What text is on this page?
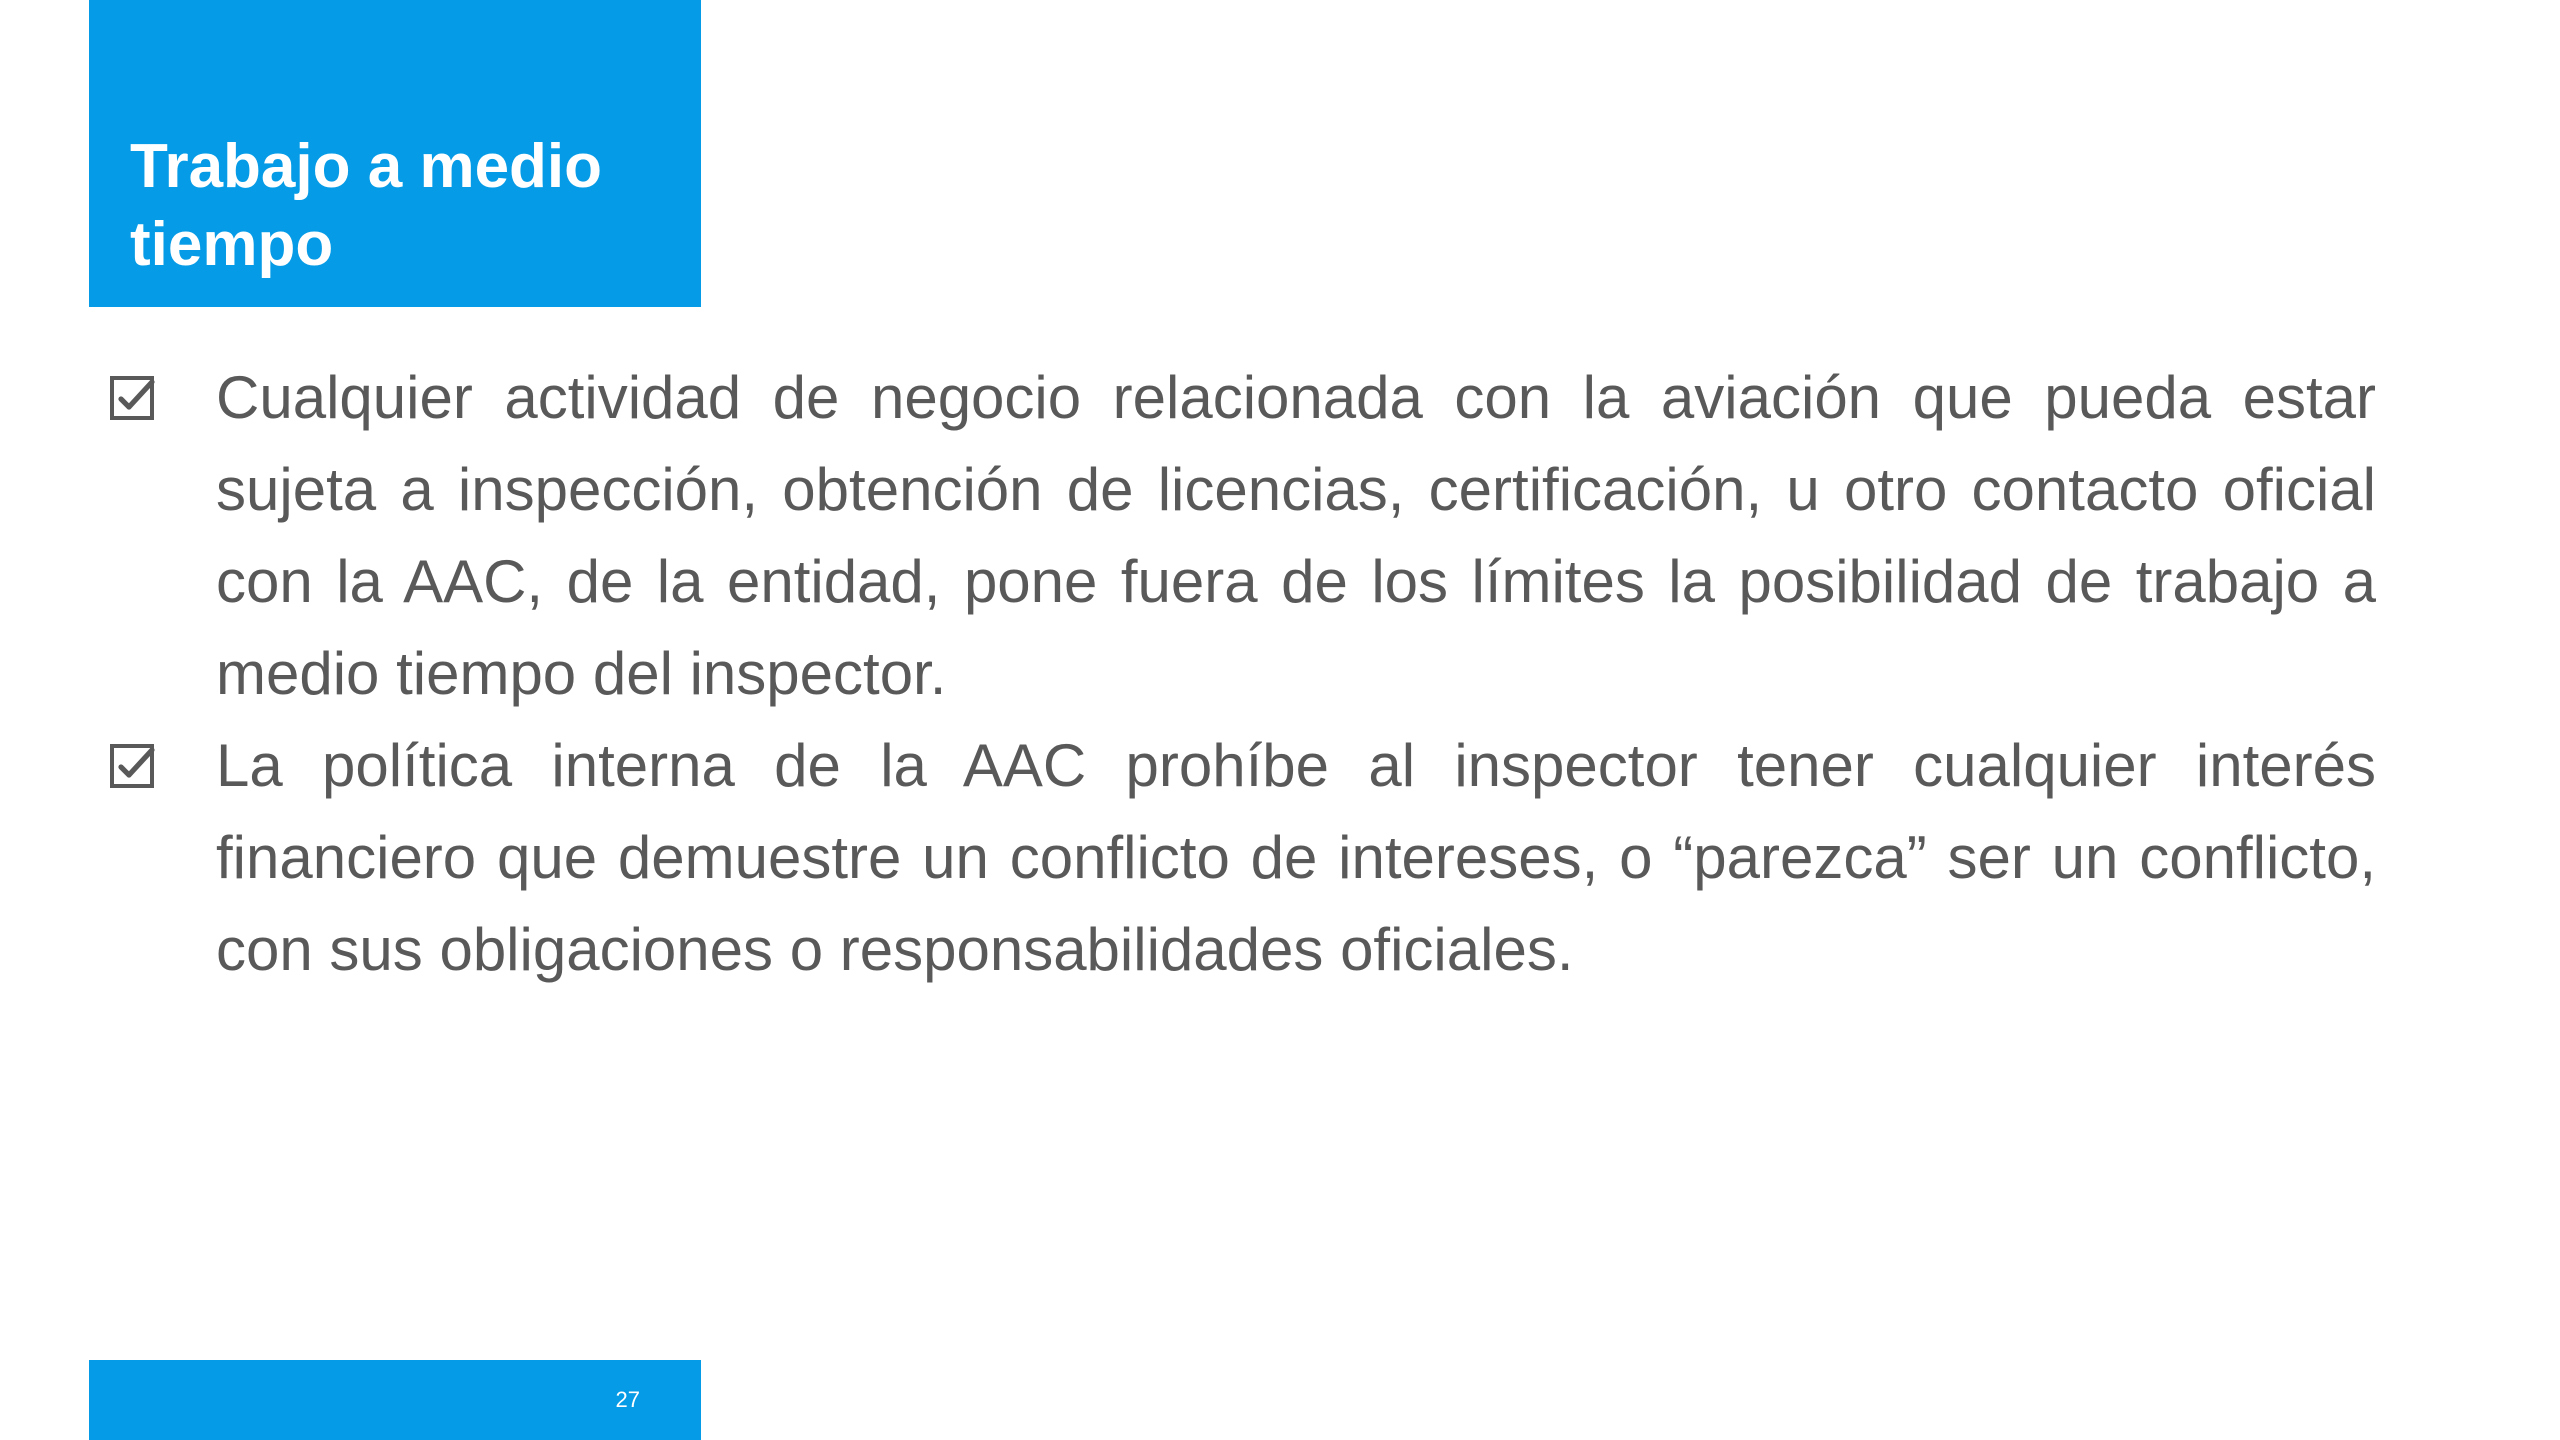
Trabajo a medio tiempo
Cualquier actividad de negocio relacionada con la aviación que pueda estar sujeta a inspección, obtención de licencias, certificación, u otro contacto oficial con la AAC, de la entidad, pone fuera de los límites la posibilidad de trabajo a medio tiempo del inspector.
La política interna de la AAC prohíbe al inspector tener cualquier interés financiero que demuestre un conflicto de intereses, o “parezca” ser un conflicto, con sus obligaciones o responsabilidades oficiales.
27
